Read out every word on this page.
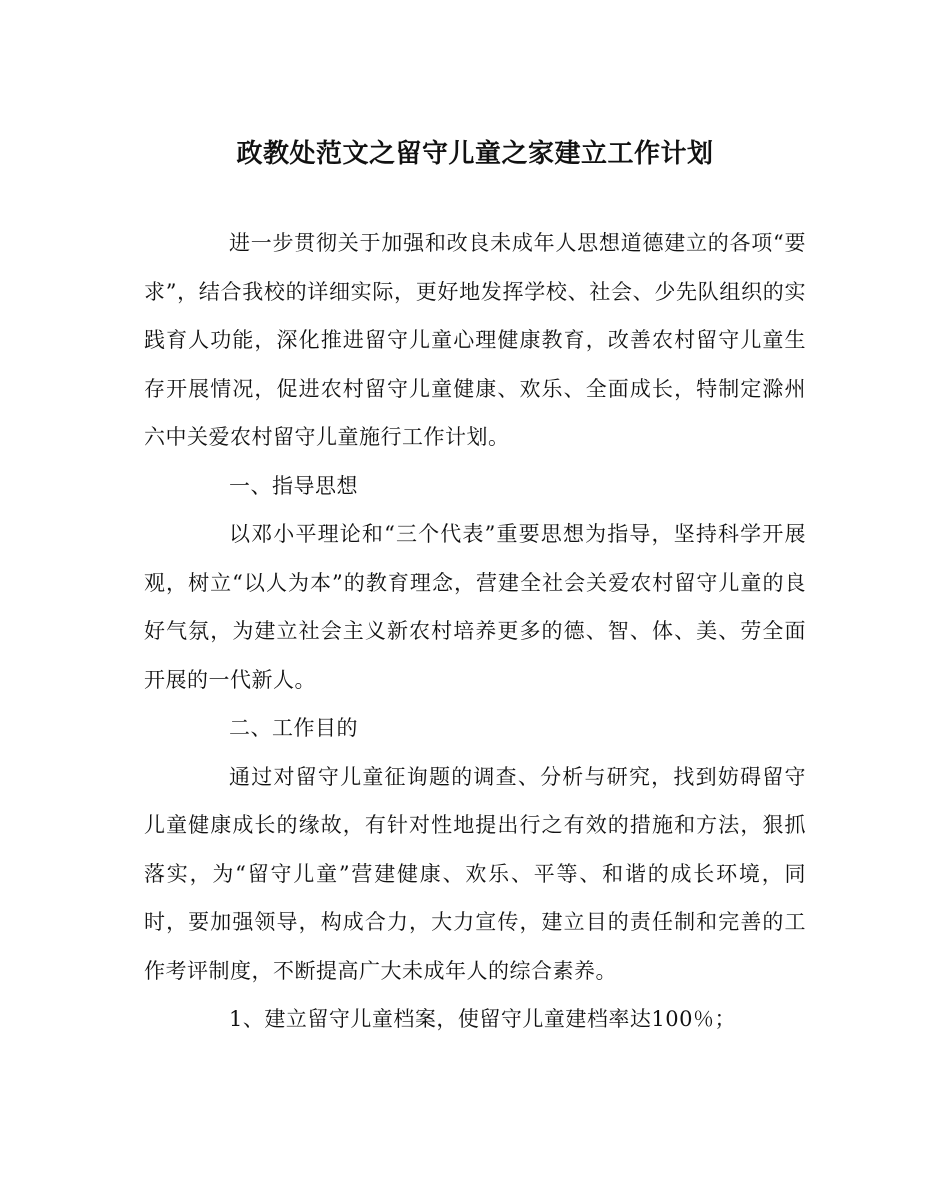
政教处范文之留守儿童之家建立工作计划

进一步贯彻关于加强和改良未成年人思想道德建立的各项“要求”，结合我校的详细实际，更好地发挥学校、社会、少先队组织的实践育人功能，深化推进留守儿童心理健康教育，改善农村留守儿童生存开展情况，促进农村留守儿童健康、欢乐、全面成长，特制定滁州六中关爱农村留守儿童施行工作计划。

一、指导思想

以邓小平理论和“三个代表”重要思想为指导，坚持科学开展观，树立“以人为本”的教育理念，营建全社会关爱农村留守儿童的良好气氛，为建立社会主义新农村培养更多的德、智、体、美、劳全面开展的一代新人。

二、工作目的

通过对留守儿童征询题的调查、分析与研究，找到妨碍留守儿童健康成长的缘故，有针对性地提出行之有效的措施和方法，狠抓落实，为“留守儿童”营建健康、欢乐、平等、和谐的成长环境，同时，要加强领导，构成合力，大力宣传，建立目的责任制和完善的工作考评制度，不断提高广大未成年人的综合素养。

1、建立留守儿童档案，使留守儿童建档率达100％；
